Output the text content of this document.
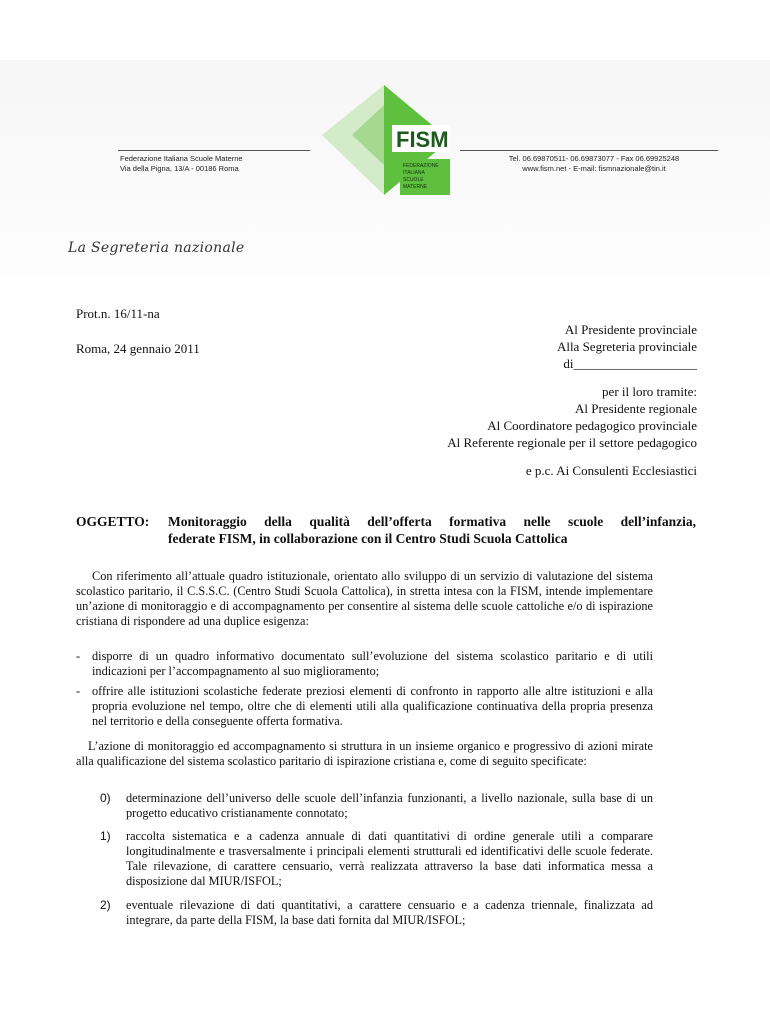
Federazione Italiana Scuole Materne
Via della Pigna, 13/A - 00186 Roma
FISM
FEDERAZIONE
ITALIANA
SCUOLE
MATERNE
Tel. 06.69870511- 06.69873077 - Fax 06.69925248
www.fism.net - E-mail: fismnazionale@tin.it
La Segreteria nazionale
Prot.n. 16/11-na
Roma, 24 gennaio 2011
Al Presidente provinciale
Alla Segreteria provinciale
di___________________
per il loro tramite:
Al Presidente regionale
Al Coordinatore pedagogico provinciale
Al Referente regionale per il settore pedagogico
e p.c. Ai Consulenti Ecclesiastici
OGGETTO: Monitoraggio della qualità dell’offerta formativa nelle scuole dell’infanzia,
federate FISM, in collaborazione con il Centro Studi Scuola Cattolica
Con riferimento all’attuale quadro istituzionale, orientato allo sviluppo di un servizio di valutazione del sistema scolastico paritario, il C.S.S.C. (Centro Studi Scuola Cattolica), in stretta intesa con la FISM, intende implementare un’azione di monitoraggio e di accompagnamento per consentire al sistema delle scuole cattoliche e/o di ispirazione cristiana di rispondere ad una duplice esigenza:
- disporre di un quadro informativo documentato sull’evoluzione del sistema scolastico paritario e di utili indicazioni per l’accompagnamento al suo miglioramento;
- offrire alle istituzioni scolastiche federate preziosi elementi di confronto in rapporto alle altre istituzioni e alla propria evoluzione nel tempo, oltre che di elementi utili alla qualificazione continuativa della propria presenza nel territorio e della conseguente offerta formativa.
L’azione di monitoraggio ed accompagnamento si struttura in un insieme organico e progressivo di azioni mirate alla qualificazione del sistema scolastico paritario di ispirazione cristiana e, come di seguito specificate:
0) determinazione dell’universo delle scuole dell’infanzia funzionanti, a livello nazionale, sulla base di un progetto educativo cristianamente connotato;
1) raccolta sistematica e a cadenza annuale di dati quantitativi di ordine generale utili a comparare longitudinalmente e trasversalmente i principali elementi strutturali ed identificativi delle scuole federate. Tale rilevazione, di carattere censuario, verrà realizzata attraverso la base dati informatica messa a disposizione dal MIUR/ISFOL;
2) eventuale rilevazione di dati quantitativi, a carattere censuario e a cadenza triennale, finalizzata ad integrare, da parte della FISM, la base dati fornita dal MIUR/ISFOL;
